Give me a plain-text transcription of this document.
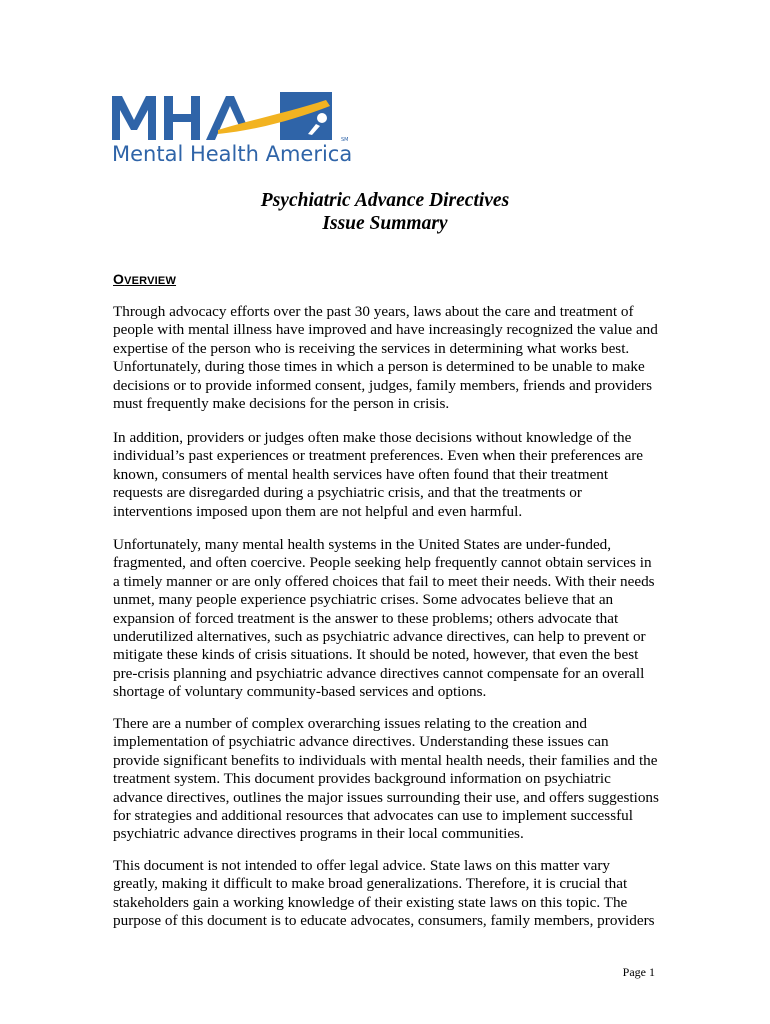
Mental Health America
SM
Psychiatric Advance Directives
Issue Summary
OVERVIEW
Through advocacy efforts over the past 30 years, laws about the care and treatment of
people with mental illness have improved and have increasingly recognized the value and
expertise of the person who is receiving the services in determining what works best.
Unfortunately, during those times in which a person is determined to be unable to make
decisions or to provide informed consent, judges, family members, friends and providers
must frequently make decisions for the person in crisis.
In addition, providers or judges often make those decisions without knowledge of the
individual’s past experiences or treatment preferences. Even when their preferences are
known, consumers of mental health services have often found that their treatment
requests are disregarded during a psychiatric crisis, and that the treatments or
interventions imposed upon them are not helpful and even harmful.
Unfortunately, many mental health systems in the United States are under-funded,
fragmented, and often coercive. People seeking help frequently cannot obtain services in
a timely manner or are only offered choices that fail to meet their needs. With their needs
unmet, many people experience psychiatric crises. Some advocates believe that an
expansion of forced treatment is the answer to these problems; others advocate that
underutilized alternatives, such as psychiatric advance directives, can help to prevent or
mitigate these kinds of crisis situations. It should be noted, however, that even the best
pre-crisis planning and psychiatric advance directives cannot compensate for an overall
shortage of voluntary community-based services and options.
There are a number of complex overarching issues relating to the creation and
implementation of psychiatric advance directives. Understanding these issues can
provide significant benefits to individuals with mental health needs, their families and the
treatment system. This document provides background information on psychiatric
advance directives, outlines the major issues surrounding their use, and offers suggestions
for strategies and additional resources that advocates can use to implement successful
psychiatric advance directives programs in their local communities.
This document is not intended to offer legal advice. State laws on this matter vary
greatly, making it difficult to make broad generalizations. Therefore, it is crucial that
stakeholders gain a working knowledge of their existing state laws on this topic. The
purpose of this document is to educate advocates, consumers, family members, providers
Page 1
